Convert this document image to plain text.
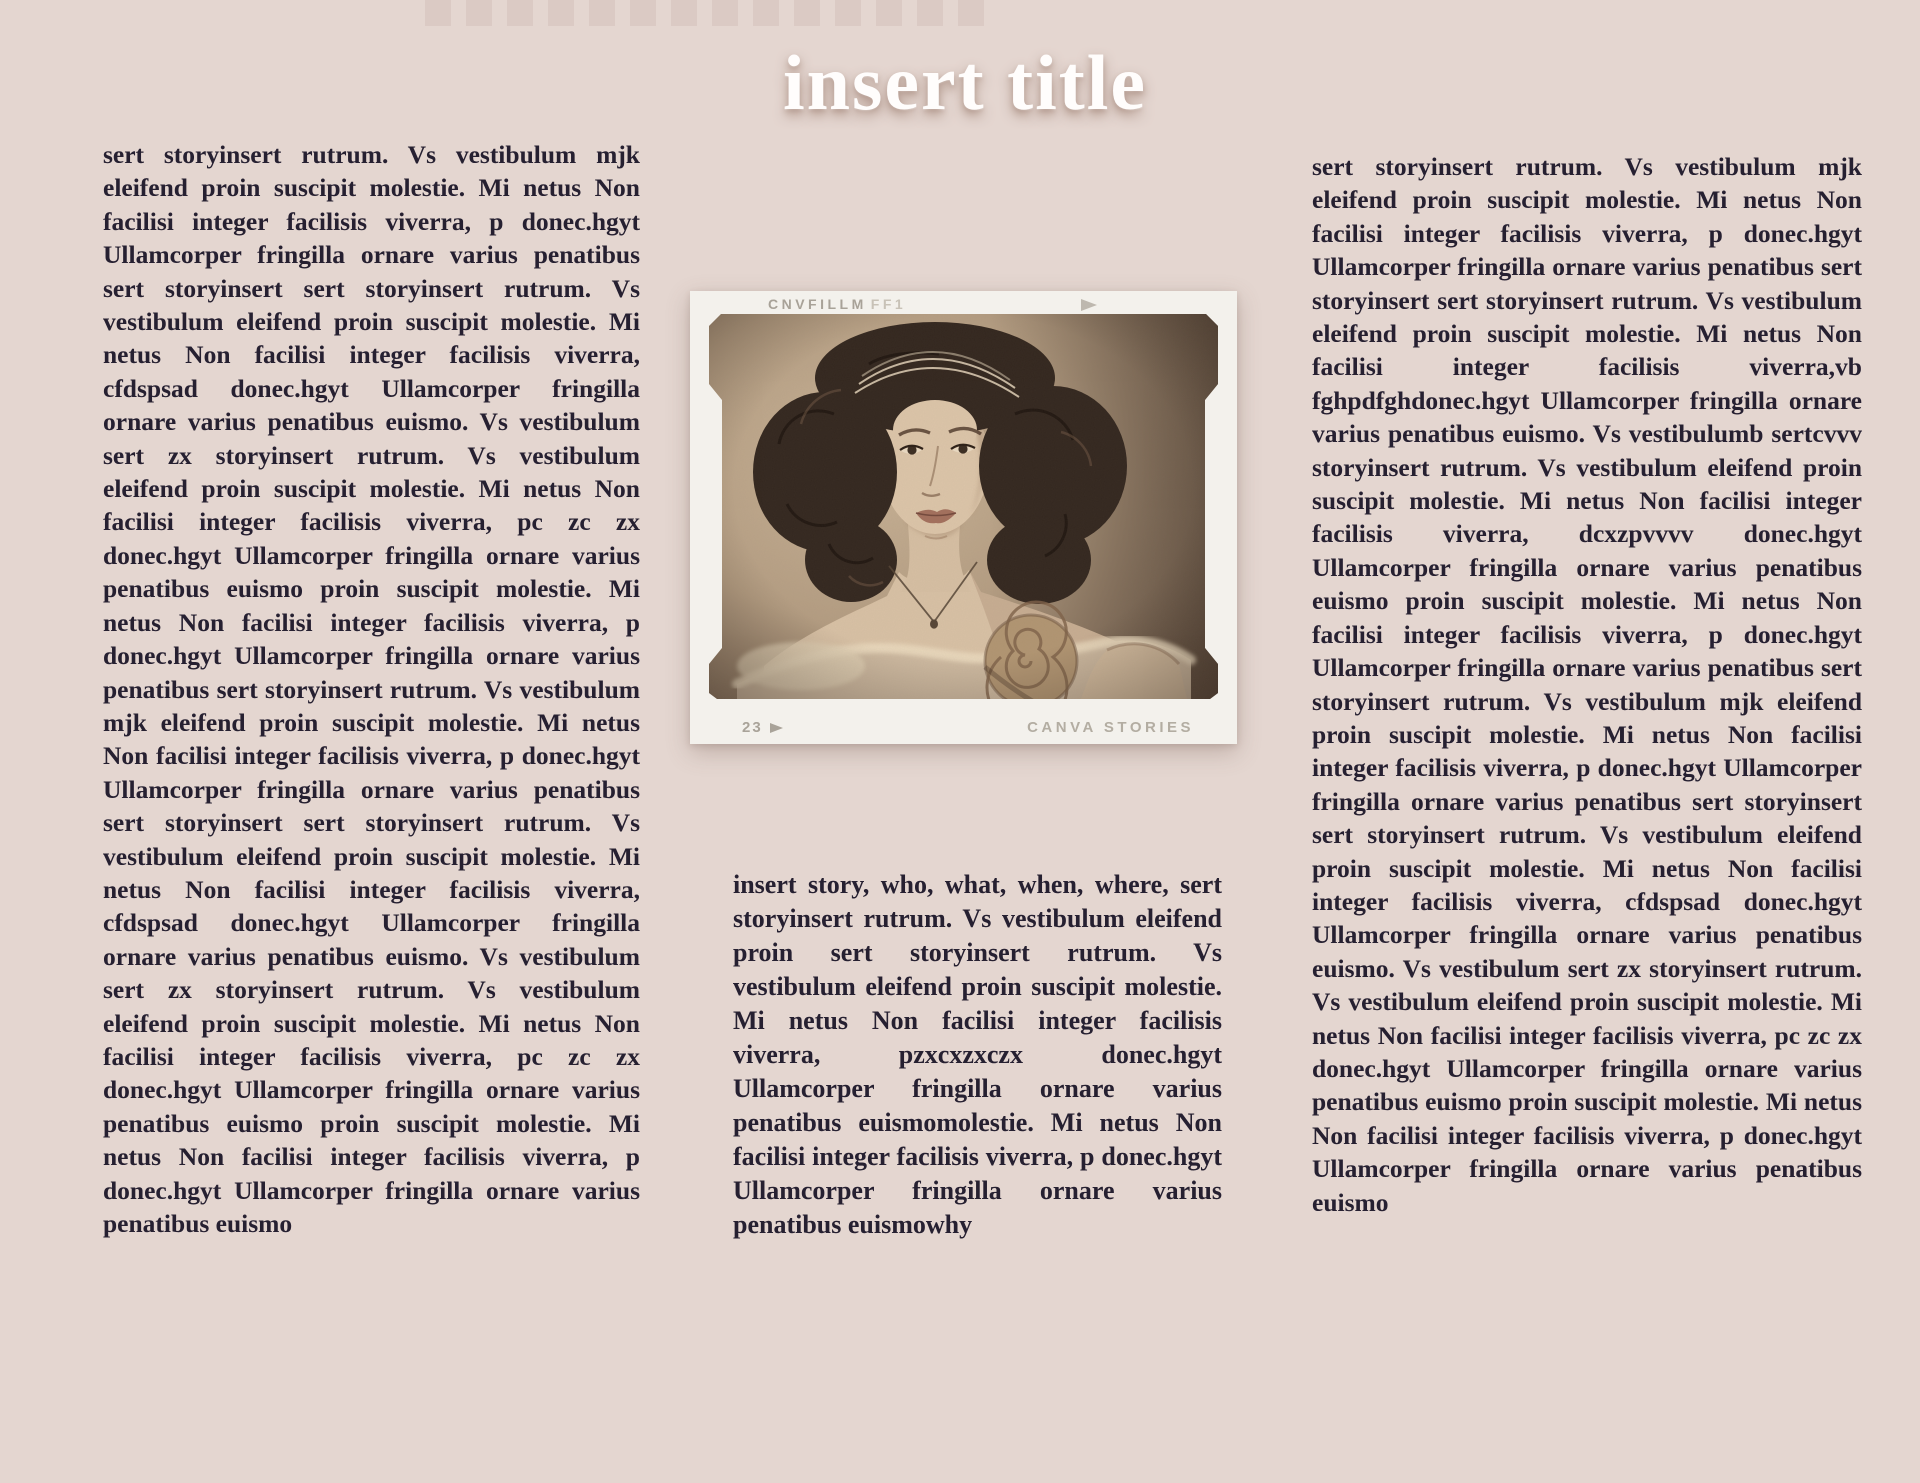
insert title
sert storyinsert rutrum. Vs vestibulum mjk eleifend proin suscipit molestie. Mi netus Non facilisi integer facilisis viverra, p donec.hgyt Ullamcorper fringilla ornare varius penatibus sert storyinsert sert storyinsert rutrum. Vs vestibulum eleifend proin suscipit molestie. Mi netus Non facilisi integer facilisis viverra, cfdspsad donec.hgyt Ullamcorper fringilla ornare varius penatibus euismo. Vs vestibulum sert zx storyinsert rutrum. Vs vestibulum eleifend proin suscipit molestie. Mi netus Non facilisi integer facilisis viverra, pc zc zx donec.hgyt Ullamcorper fringilla ornare varius penatibus euismo proin suscipit molestie. Mi netus Non facilisi integer facilisis viverra, p donec.hgyt Ullamcorper fringilla ornare varius penatibus sert storyinsert rutrum. Vs vestibulum mjk eleifend proin suscipit molestie. Mi netus Non facilisi integer facilisis viverra, p donec.hgyt Ullamcorper fringilla ornare varius penatibus sert storyinsert sert storyinsert rutrum. Vs vestibulum eleifend proin suscipit molestie. Mi netus Non facilisi integer facilisis viverra, cfdspsad donec.hgyt Ullamcorper fringilla ornare varius penatibus euismo. Vs vestibulum sert zx storyinsert rutrum. Vs vestibulum eleifend proin suscipit molestie. Mi netus Non facilisi integer facilisis viverra, pc zc zx donec.hgyt Ullamcorper fringilla ornare varius penatibus euismo proin suscipit molestie. Mi netus Non facilisi integer facilisis viverra, p donec.hgyt Ullamcorper fringilla ornare varius penatibus euismo
CNVFILLM FF1
23	CANVA STORIES
insert story, who, what, when, where, sert storyinsert rutrum. Vs vestibulum eleifend proin sert storyinsert rutrum. Vs vestibulum eleifend proin suscipit molestie. Mi netus Non facilisi integer facilisis viverra, pzxcxzxczx donec.hgyt Ullamcorper fringilla ornare varius penatibus euismomolestie. Mi netus Non facilisi integer facilisis viverra, p donec.hgyt Ullamcorper fringilla ornare varius penatibus euismowhy
sert storyinsert rutrum. Vs vestibulum mjk eleifend proin suscipit molestie. Mi netus Non facilisi integer facilisis viverra, p donec.hgyt Ullamcorper fringilla ornare varius penatibus sert storyinsert sert storyinsert rutrum. Vs vestibulum eleifend proin suscipit molestie. Mi netus Non facilisi integer facilisis viverra,vb fghpdfghdonec.hgyt Ullamcorper fringilla ornare varius penatibus euismo. Vs vestibulumb sertcvvv storyinsert rutrum. Vs vestibulum eleifend proin suscipit molestie. Mi netus Non facilisi integer facilisis viverra, dcxzpvvvv donec.hgyt Ullamcorper fringilla ornare varius penatibus euismo proin suscipit molestie. Mi netus Non facilisi integer facilisis viverra, p donec.hgyt Ullamcorper fringilla ornare varius penatibus sert storyinsert rutrum. Vs vestibulum mjk eleifend proin suscipit molestie. Mi netus Non facilisi integer facilisis viverra, p donec.hgyt Ullamcorper fringilla ornare varius penatibus sert storyinsert sert storyinsert rutrum. Vs vestibulum eleifend proin suscipit molestie. Mi netus Non facilisi integer facilisis viverra, cfdspsad donec.hgyt Ullamcorper fringilla ornare varius penatibus euismo. Vs vestibulum sert zx storyinsert rutrum. Vs vestibulum eleifend proin suscipit molestie. Mi netus Non facilisi integer facilisis viverra, pc zc zx donec.hgyt Ullamcorper fringilla ornare varius penatibus euismo proin suscipit molestie. Mi netus Non facilisi integer facilisis viverra, p donec.hgyt Ullamcorper fringilla ornare varius penatibus euismo
